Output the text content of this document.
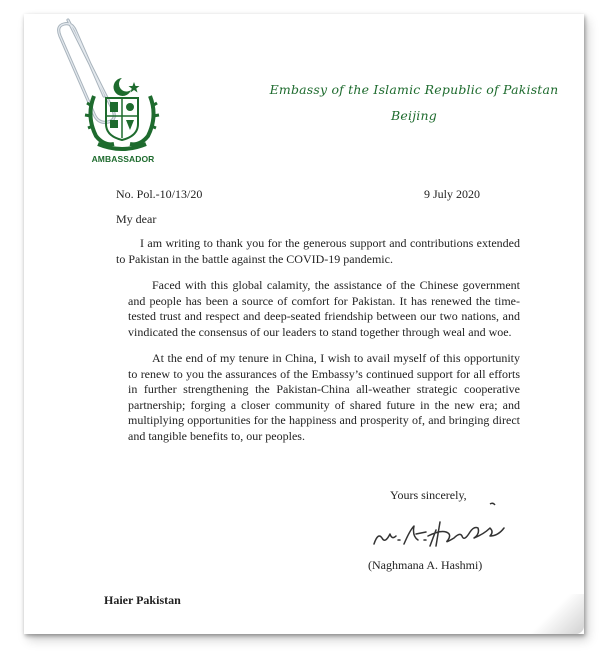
AMBASSADOR
Embassy of the Islamic Republic of Pakistan
Beijing
No. Pol.-10/13/20	9 July 2020
My dear

I am writing to thank you for the generous support and contributions extended to Pakistan in the battle against the COVID-19 pandemic.

Faced with this global calamity, the assistance of the Chinese government and people has been a source of comfort for Pakistan. It has renewed the time-tested trust and respect and deep-seated friendship between our two nations, and vindicated the consensus of our leaders to stand together through weal and woe.

At the end of my tenure in China, I wish to avail myself of this opportunity to renew to you the assurances of the Embassy’s continued support for all efforts in further strengthening the Pakistan-China all-weather strategic cooperative partnership; forging a closer community of shared future in the new era; and multiplying opportunities for the happiness and prosperity of, and bringing direct and tangible benefits to, our peoples.

Yours sincerely,
(Naghmana A. Hashmi)
Haier Pakistan
